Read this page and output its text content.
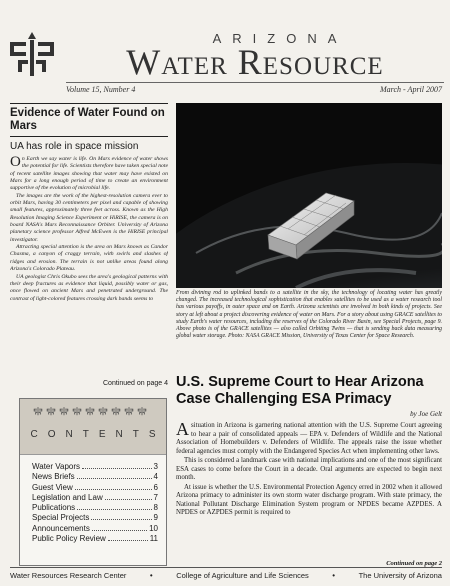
ARIZONA
Water Resource
Volume 15, Number 4	March - April 2007
Evidence of Water Found on Mars
UA has role in space mission

On Earth we say water is life. On Mars evidence of water shows the potential for life. Scientists therefore have taken special note of recent satellite images showing that water may have existed on Mars for a long enough period of time to create an environment supportive of the evolution of microbial life.

The images are the work of the highest-resolution camera ever to orbit Mars, having 30 centimeters per pixel and capable of showing small features, approximately three feet across. Known as the High Resolution Imaging Science Experiment or HiRISE, the camera is on board NASA's Mars Reconnaissance Orbiter. University of Arizona planetary science professor Alfred McEwen is the HiRISE principal investigator.

Attracting special attention is the area on Mars known as Candor Chasma, a canyon of craggy terrain, with swirls and slashes of ridges and erosion. The terrain is not unlike areas found along Arizona's Colorado Plateau.

UA geologist Chris Okubo sees the area's geological patterns with their deep fractures as evidence that liquid, possibly water or gas, once flowed on ancient Mars and penetrated underground. The contrast of light-colored features crossing dark bands seems to

Continued on page 4
CONTENTS
Water Vapors	3
News Briefs	4
Guest View	6
Legislation and Law	7
Publications	8
Special Projects	9
Announcements	10
Public Policy Review	11
From divining rod to uplinked bands to a satellite in the sky, the technology of locating water has greatly changed. The increased technological sophistication that enables satellites to be used as a water research tool has various payoffs, in outer space and on Earth. Arizona scientists are involved in both kinds of projects. See story at left about a project discovering evidence of water on Mars. For a story about using GRACE satellites to study Earth's water resources, including the reserves of the Colorado River Basin, see Special Projects, page 9. Above photo is of the GRACE satellites — also called Orbiting Twins — that is sending back data measuring global water storage. Photo: NASA GRACE Mission, University of Texas Center for Space Research.
U.S. Supreme Court to Hear Arizona Case Challenging ESA Primacy
by Joe Gelt

A situation in Arizona is garnering national attention with the U.S. Supreme Court agreeing to hear a pair of consolidated appeals — EPA v. Defenders of Wildlife and the National Association of Homebuilders v. Defenders of Wildlife. The appeals raise the issue whether federal agencies must comply with the Endangered Species Act when implementing other laws.

This is considered a landmark case with national implications and one of the most significant ESA cases to come before the Court in a decade. Oral arguments are expected to begin next month.

At issue is whether the U.S. Environmental Protection Agency erred in 2002 when it allowed Arizona primacy to administer its own storm water discharge program. With state primacy, the National Pollutant Discharge Elimination System program or NPDES became AZPDES. A NPDES or AZPDES permit is required to

Continued on page 2
Water Resources Research Center	•	College of Agriculture and Life Sciences	•	The University of Arizona
